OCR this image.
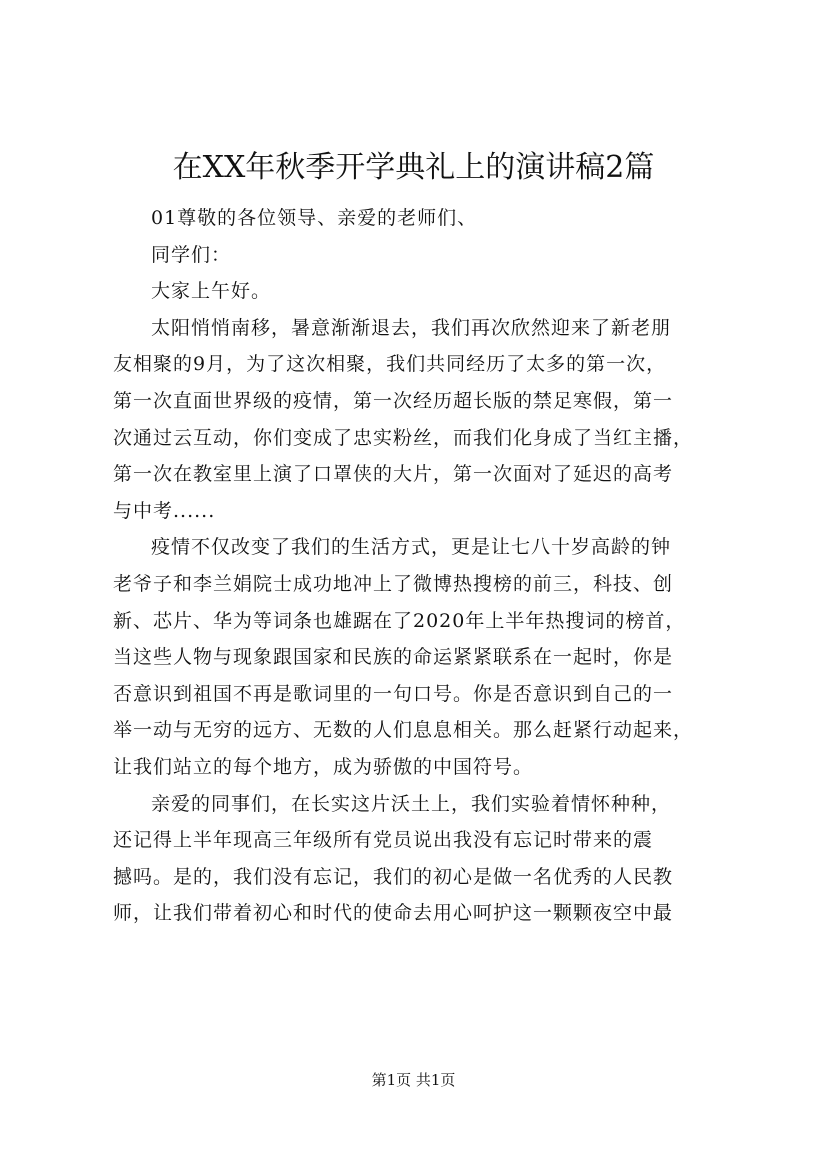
在XX年秋季开学典礼上的演讲稿2篇
01尊敬的各位领导、亲爱的老师们、
同学们：
大家上午好。
太阳悄悄南移，暑意渐渐退去，我们再次欣然迎来了新老朋
友相聚的9月，为了这次相聚，我们共同经历了太多的第一次，
第一次直面世界级的疫情，第一次经历超长版的禁足寒假，第一
次通过云互动，你们变成了忠实粉丝，而我们化身成了当红主播，
第一次在教室里上演了口罩侠的大片，第一次面对了延迟的高考
与中考......
疫情不仅改变了我们的生活方式，更是让七八十岁高龄的钟
老爷子和李兰娟院士成功地冲上了微博热搜榜的前三，科技、创
新、芯片、华为等词条也雄踞在了2020年上半年热搜词的榜首，
当这些人物与现象跟国家和民族的命运紧紧联系在一起时，你是
否意识到祖国不再是歌词里的一句口号。你是否意识到自己的一
举一动与无穷的远方、无数的人们息息相关。那么赶紧行动起来，
让我们站立的每个地方，成为骄傲的中国符号。
亲爱的同事们，在长实这片沃土上，我们实验着情怀种种，
还记得上半年现高三年级所有党员说出我没有忘记时带来的震
撼吗。是的，我们没有忘记，我们的初心是做一名优秀的人民教
师，让我们带着初心和时代的使命去用心呵护这一颗颗夜空中最
第1页 共1页
